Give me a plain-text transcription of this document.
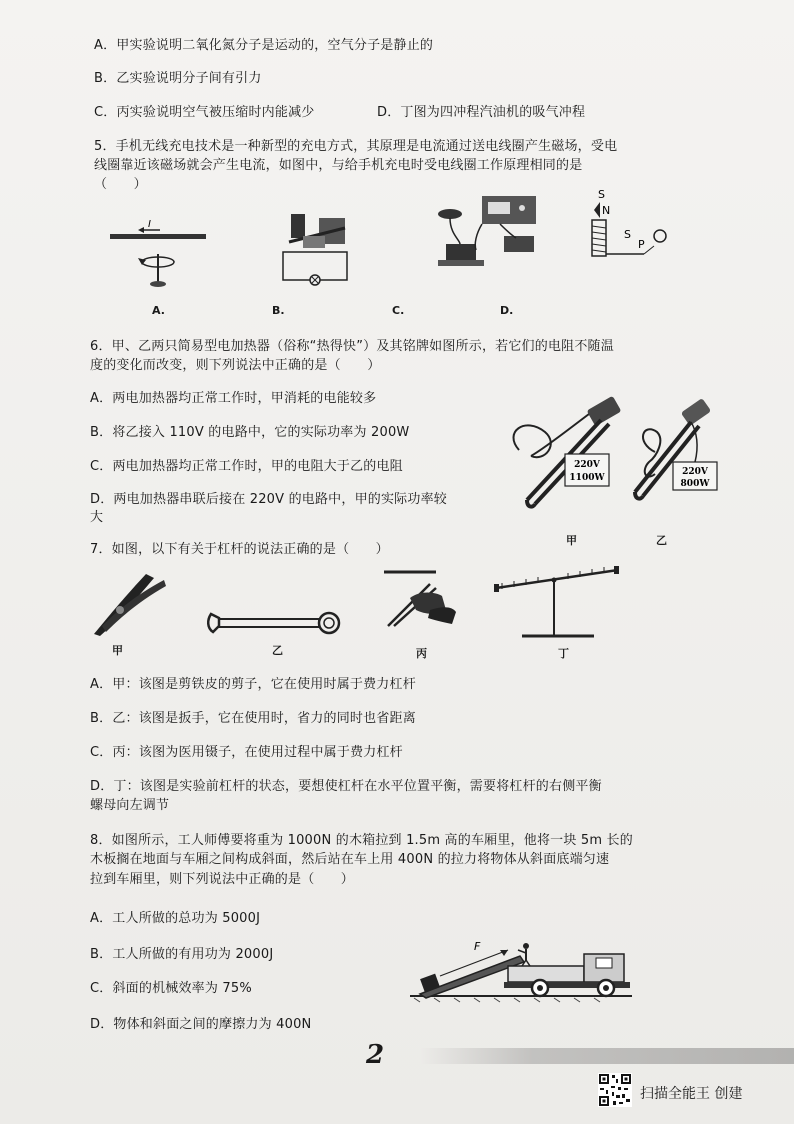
A．甲实验说明二氧化氮分子是运动的，空气分子是静止的
B．乙实验说明分子间有引力
C．丙实验说明空气被压缩时内能减少	D．丁图为四冲程汽油机的吸气冲程
5．手机无线充电技术是一种新型的充电方式，其原理是电流通过送电线圈产生磁场，受电
线圈靠近该磁场就会产生电流，如图中，与给手机充电时受电线圈工作原理相同的是
（　　）
I
A.	B.	C.
S
N
S
P
D.
6．甲、乙两只简易型电加热器（俗称“热得快”）及其铭牌如图所示，若它们的电阻不随温
度的变化而改变，则下列说法中正确的是（　　）
A．两电加热器均正常工作时，甲消耗的电能较多
B．将乙接入 110V 的电路中，它的实际功率为 200W
C．两电加热器均正常工作时，甲的电阻大于乙的电阻
D．两电加热器串联后接在 220V 的电路中，甲的实际功率较
大
220V
1100W
220V
800W
甲	乙
7．如图，以下有关于杠杆的说法正确的是（　　）
甲	乙	丙	丁
A．甲：该图是剪铁皮的剪子，它在使用时属于费力杠杆
B．乙：该图是扳手，它在使用时，省力的同时也省距离
C．丙：该图为医用镊子，在使用过程中属于费力杠杆
D．丁：该图是实验前杠杆的状态，要想使杠杆在水平位置平衡，需要将杠杆的右侧平衡
螺母向左调节
8．如图所示，工人师傅要将重为 1000N 的木箱拉到 1.5m 高的车厢里，他将一块 5m 长的
木板搁在地面与车厢之间构成斜面，然后站在车上用 400N 的拉力将物体从斜面底端匀速
拉到车厢里，则下列说法中正确的是（　　）
A．工人所做的总功为 5000J
B．工人所做的有用功为 2000J
C．斜面的机械效率为 75%
D．物体和斜面之间的摩擦力为 400N
F
2
扫描全能王 创建
